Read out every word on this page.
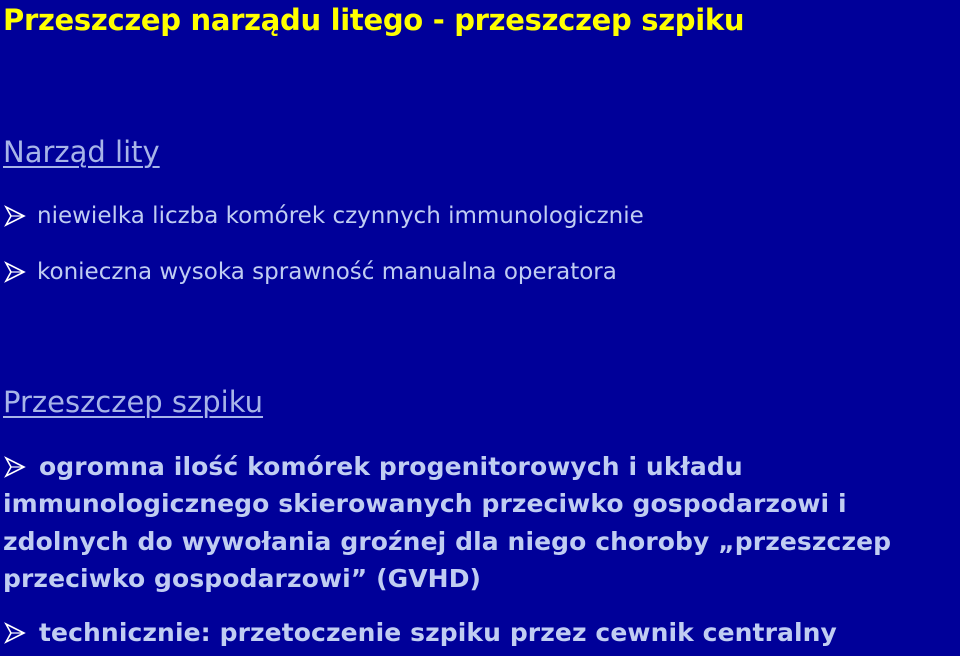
Przeszczep narządu litego - przeszczep szpiku
Narząd lity
niewielka liczba komórek czynnych immunologicznie
konieczna wysoka sprawność manualna operatora
Przeszczep szpiku
ogromna ilość komórek progenitorowych i układu
immunologicznego skierowanych przeciwko gospodarzowi i
zdolnych do wywołania groźnej dla niego choroby „przeszczep
przeciwko gospodarzowi” (GVHD)
technicznie: przetoczenie szpiku przez cewnik centralny
